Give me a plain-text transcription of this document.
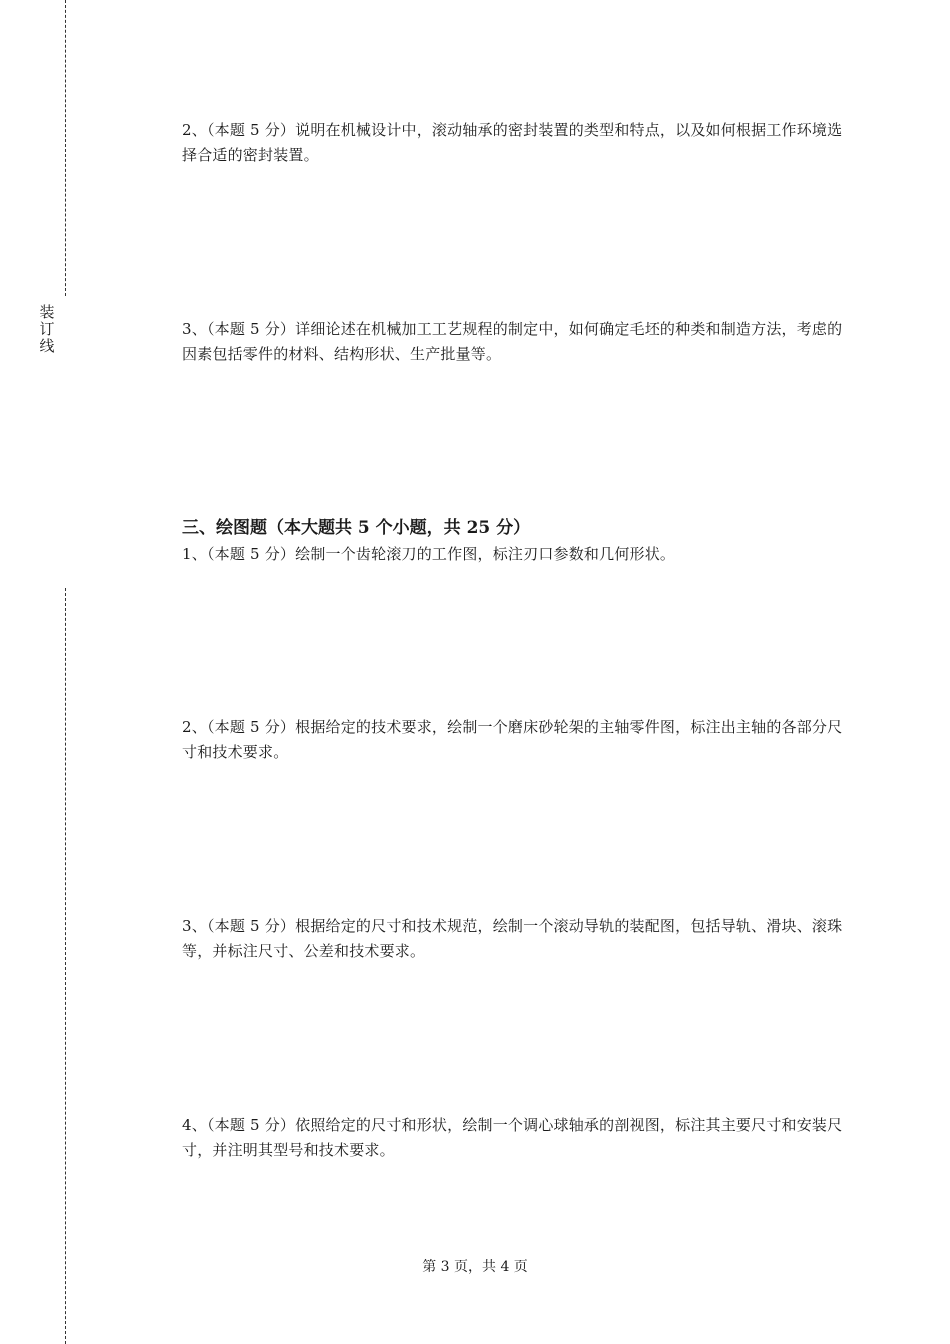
装
订
线
2、（本题 5 分）说明在机械设计中，滚动轴承的密封装置的类型和特点，以及如何根据工作环境选择合适的密封装置。
3、（本题 5 分）详细论述在机械加工工艺规程的制定中，如何确定毛坯的种类和制造方法，考虑的因素包括零件的材料、结构形状、生产批量等。
三、绘图题（本大题共 5 个小题，共 25 分）
1、（本题 5 分）绘制一个齿轮滚刀的工作图，标注刃口参数和几何形状。
2、（本题 5 分）根据给定的技术要求，绘制一个磨床砂轮架的主轴零件图，标注出主轴的各部分尺寸和技术要求。
3、（本题 5 分）根据给定的尺寸和技术规范，绘制一个滚动导轨的装配图，包括导轨、滑块、滚珠等，并标注尺寸、公差和技术要求。
4、（本题 5 分）依照给定的尺寸和形状，绘制一个调心球轴承的剖视图，标注其主要尺寸和安装尺寸，并注明其型号和技术要求。
第 3 页，共 4 页
